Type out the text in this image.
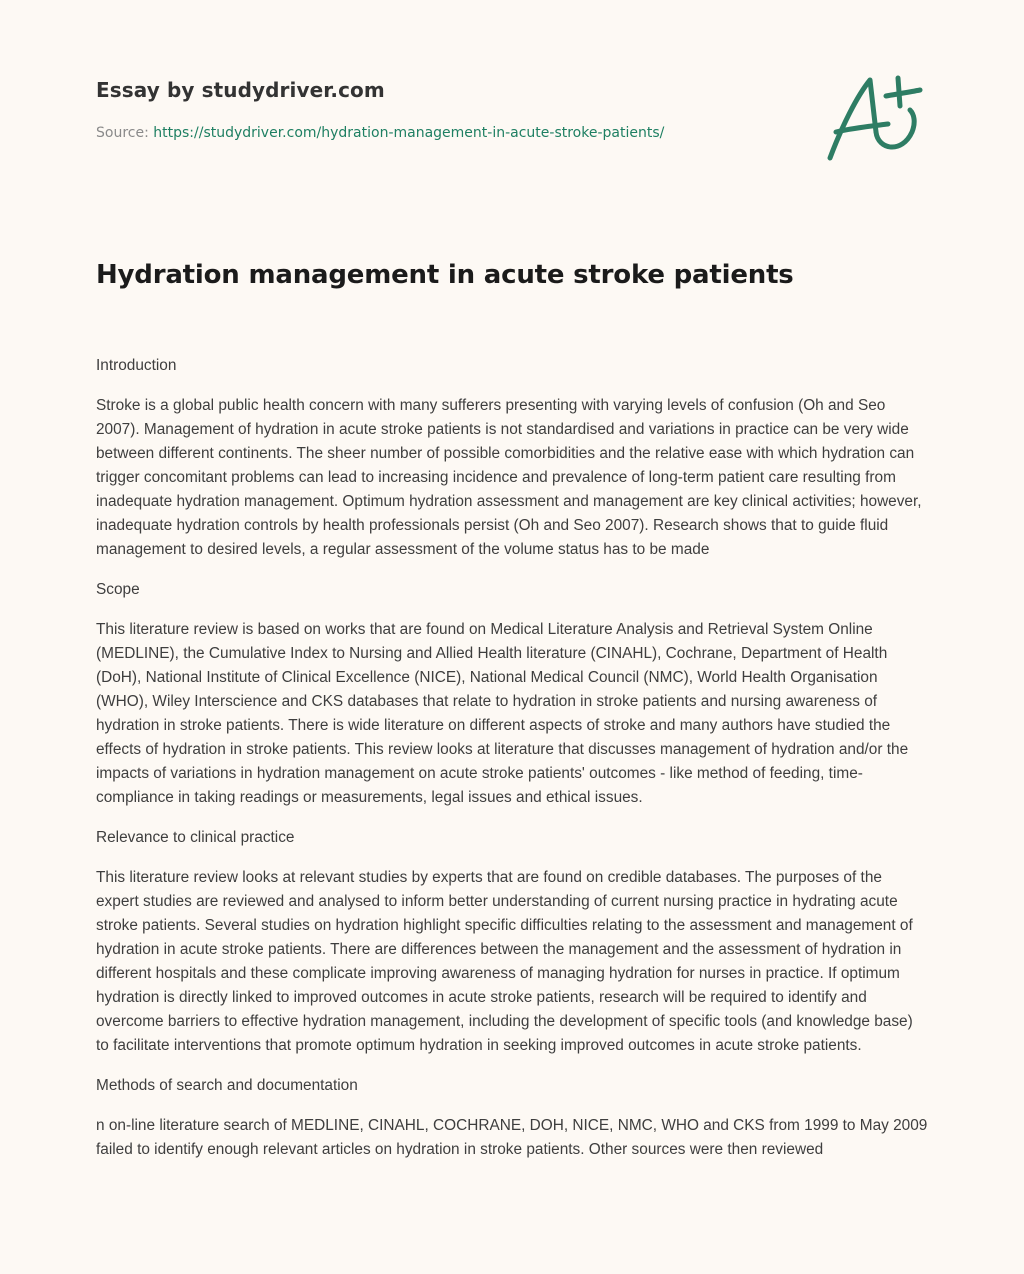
Essay by studydriver.com
Source: https://studydriver.com/hydration-management-in-acute-stroke-patients/
Hydration management in acute stroke patients
Introduction

Stroke is a global public health concern with many sufferers presenting with varying levels of confusion (Oh and Seo 2007). Management of hydration in acute stroke patients is not standardised and variations in practice can be very wide between different continents. The sheer number of possible comorbidities and the relative ease with which hydration can trigger concomitant problems can lead to increasing incidence and prevalence of long-term patient care resulting from inadequate hydration management. Optimum hydration assessment and management are key clinical activities; however, inadequate hydration controls by health professionals persist (Oh and Seo 2007). Research shows that to guide fluid management to desired levels, a regular assessment of the volume status has to be made

Scope

This literature review is based on works that are found on Medical Literature Analysis and Retrieval System Online (MEDLINE), the Cumulative Index to Nursing and Allied Health literature (CINAHL), Cochrane, Department of Health (DoH), National Institute of Clinical Excellence (NICE), National Medical Council (NMC), World Health Organisation (WHO), Wiley Interscience and CKS databases that relate to hydration in stroke patients and nursing awareness of hydration in stroke patients. There is wide literature on different aspects of stroke and many authors have studied the effects of hydration in stroke patients. This review looks at literature that discusses management of hydration and/or the impacts of variations in hydration management on acute stroke patients' outcomes - like method of feeding, time- compliance in taking readings or measurements, legal issues and ethical issues.

Relevance to clinical practice

This literature review looks at relevant studies by experts that are found on credible databases. The purposes of the expert studies are reviewed and analysed to inform better understanding of current nursing practice in hydrating acute stroke patients. Several studies on hydration highlight specific difficulties relating to the assessment and management of hydration in acute stroke patients. There are differences between the management and the assessment of hydration in different hospitals and these complicate improving awareness of managing hydration for nurses in practice. If optimum hydration is directly linked to improved outcomes in acute stroke patients, research will be required to identify and overcome barriers to effective hydration management, including the development of specific tools (and knowledge base) to facilitate interventions that promote optimum hydration in seeking improved outcomes in acute stroke patients.

Methods of search and documentation

n on-line literature search of MEDLINE, CINAHL, COCHRANE, DOH, NICE, NMC, WHO and CKS from 1999 to May 2009 failed to identify enough relevant articles on hydration in stroke patients. Other sources were then reviewed
